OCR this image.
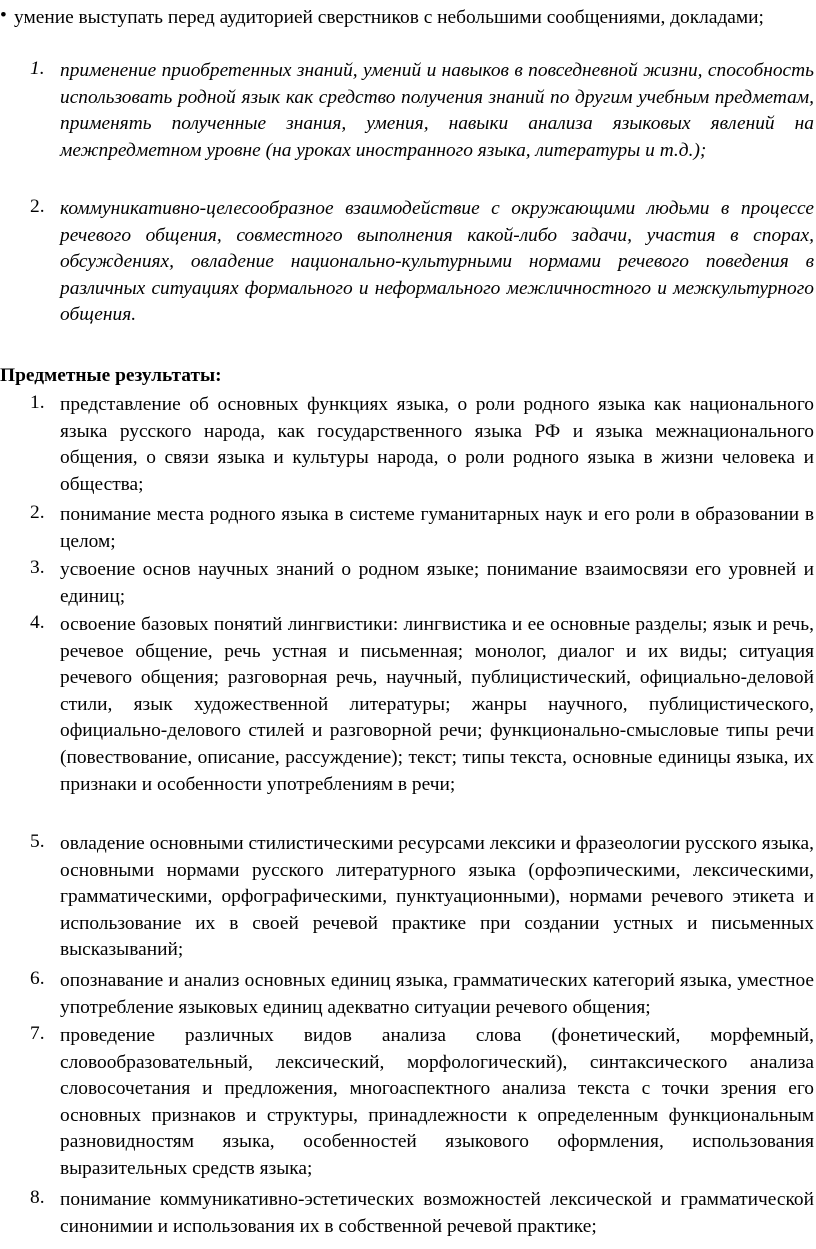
• умение выступать перед аудиторией сверстников с небольшими сообщениями, докладами;

1. применение приобретенных знаний, умений и навыков в повседневной жизни, способность использовать родной язык как средство получения знаний по другим учебным предметам, применять полученные знания, умения, навыки анализа языковых явлений на межпредметном уровне (на уроках иностранного языка, литературы и т.д.);

2. коммуникативно-целесообразное взаимодействие с окружающими людьми в процессе речевого общения, совместного выполнения какой-либо задачи, участия в спорах, обсуждениях, овладение национально-культурными нормами речевого поведения в различных ситуациях формального и неформального межличностного и межкультурного общения.

Предметные результаты:

1. представление об основных функциях языка, о роли родного языка как национального языка русского народа, как государственного языка РФ и языка межнационального общения, о связи языка и культуры народа, о роли родного языка в жизни человека и общества;

2. понимание места родного языка в системе гуманитарных наук и его роли в образовании в целом;

3. усвоение основ научных знаний о родном языке; понимание взаимосвязи его уровней и единиц;

4. освоение базовых понятий лингвистики: лингвистика и ее основные разделы; язык и речь, речевое общение, речь устная и письменная; монолог, диалог и их виды; ситуация речевого общения; разговорная речь, научный, публицистический, официально-деловой стили, язык художественной литературы; жанры научного, публицистического, официально-делового стилей и разговорной речи; функционально-смысловые типы речи (повествование, описание, рассуждение); текст; типы текста, основные единицы языка, их признаки и особенности употреблениям в речи;

5. овладение основными стилистическими ресурсами лексики и фразеологии русского языка, основными нормами русского литературного языка (орфоэпическими, лексическими, грамматическими, орфографическими, пунктуационными), нормами речевого этикета и использование их в своей речевой практике при создании устных и письменных высказываний;

6. опознавание и анализ основных единиц языка, грамматических категорий языка, уместное употребление языковых единиц адекватно ситуации речевого общения;

7. проведение различных видов анализа слова (фонетический, морфемный, словообразовательный, лексический, морфологический), синтаксического анализа словосочетания и предложения, многоаспектного анализа текста с точки зрения его основных признаков и структуры, принадлежности к определенным функциональным разновидностям языка, особенностей языкового оформления, использования выразительных средств языка;

8. понимание коммуникативно-эстетических возможностей лексической и грамматической синонимии и использования их в собственной речевой практике;
